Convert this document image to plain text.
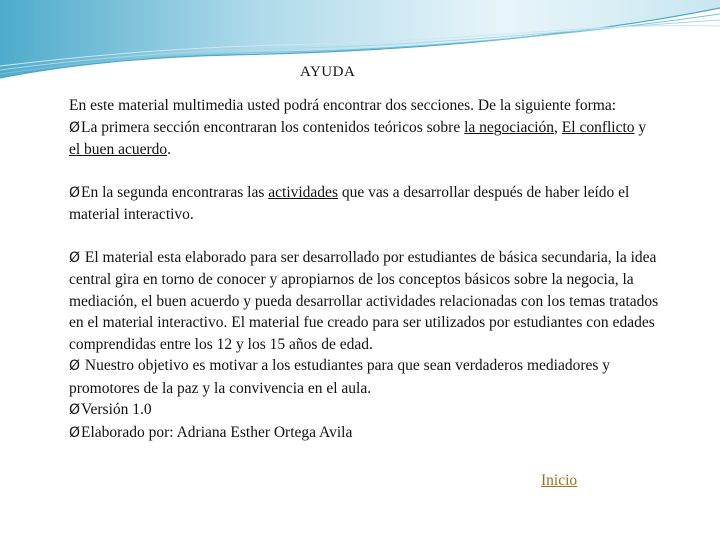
AYUDA

En este material multimedia usted podrá encontrar dos secciones. De la siguiente forma:

ØLa primera sección encontraran los contenidos teóricos sobre la negociación, El conflicto y el buen acuerdo.

ØEn la segunda encontraras las actividades que vas a desarrollar después de haber leído el material interactivo.

Ø El material esta elaborado para ser desarrollado por estudiantes de básica secundaria, la idea central gira en torno de conocer y apropiarnos de los conceptos básicos sobre la negocia, la mediación, el buen acuerdo y pueda desarrollar actividades relacionadas con los temas tratados en el material interactivo. El material fue creado para ser utilizados por estudiantes con edades comprendidas entre los 12 y los 15 años de edad.

Ø Nuestro objetivo es motivar a los estudiantes para que sean verdaderos mediadores y promotores de la paz y la convivencia en el aula.

ØVersión 1.0

ØElaborado por: Adriana Esther Ortega Avila

Inicio
